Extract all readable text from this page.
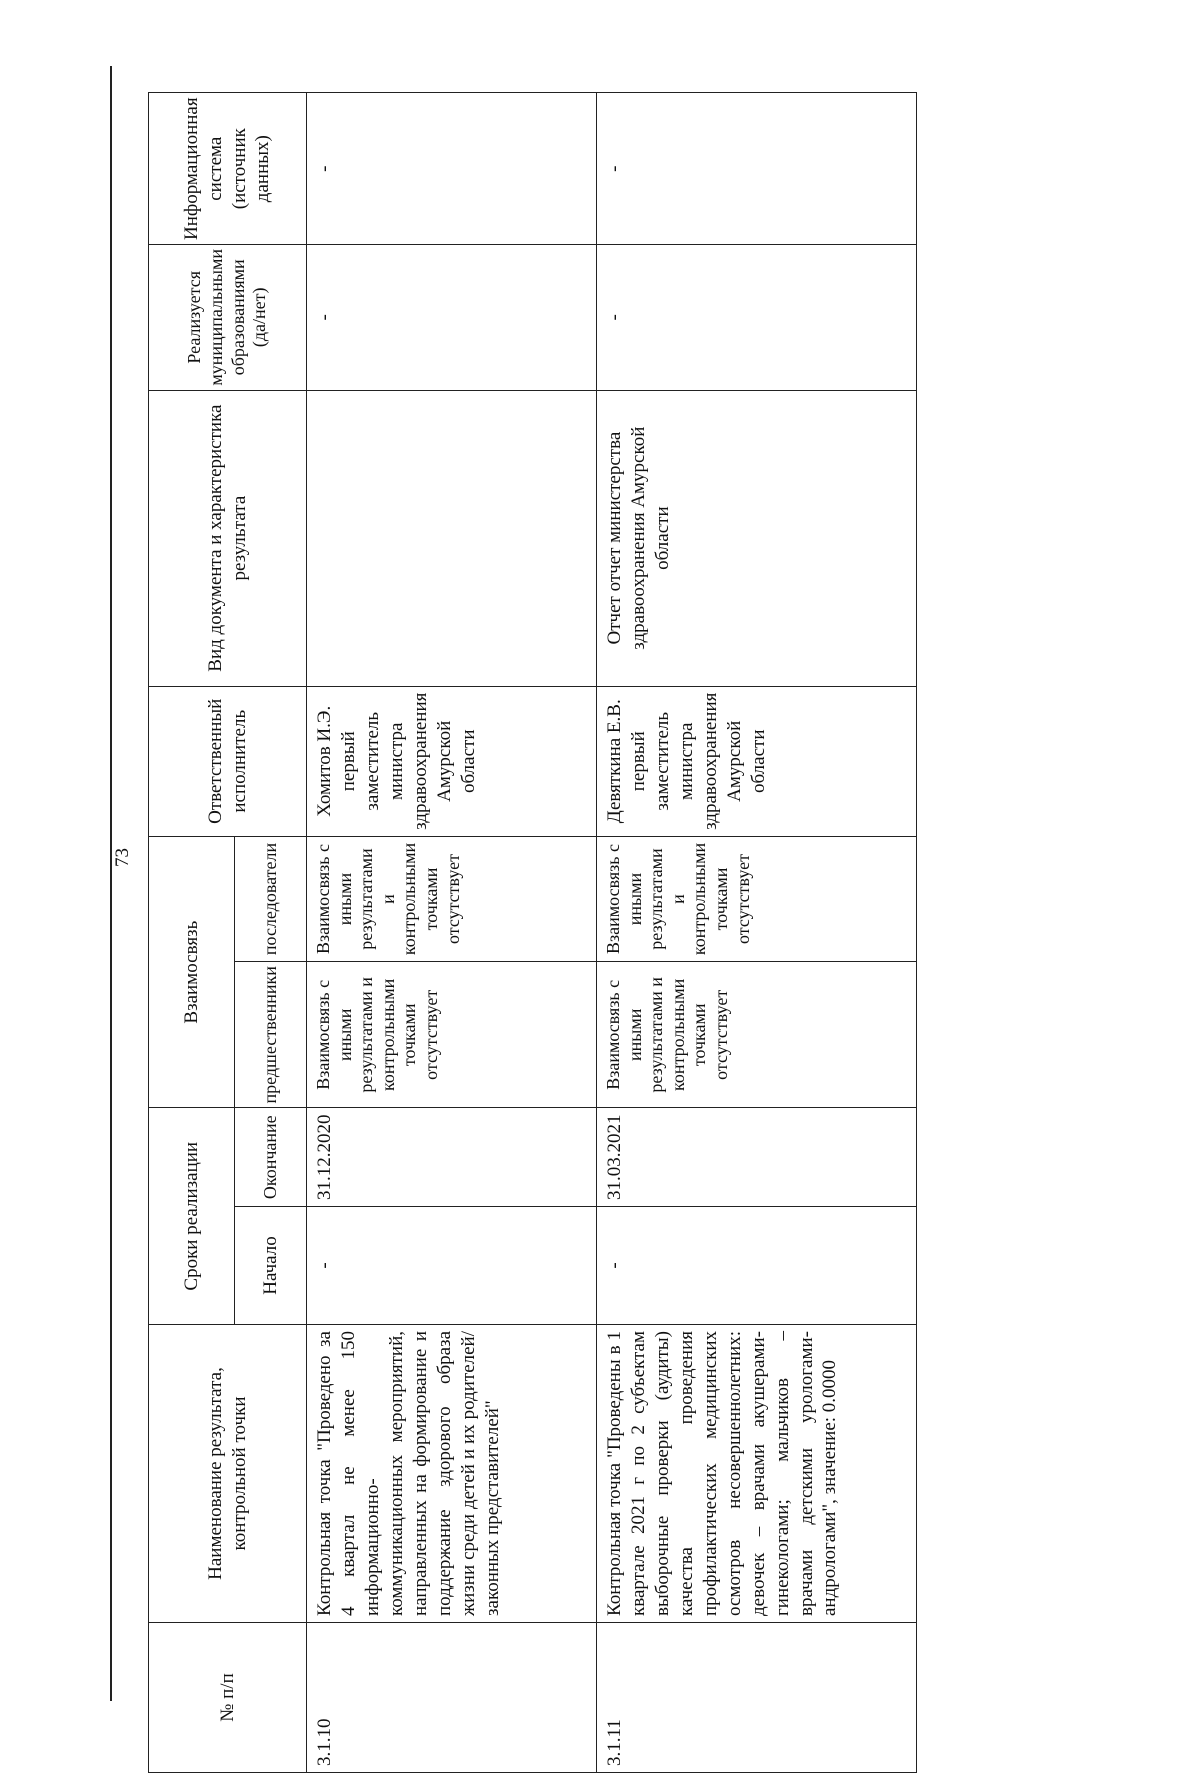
73
№ п/п	Наименование результата, контрольной точки	Сроки реализации		Взаимосвязь		Ответственный исполнитель	Вид документа и характеристика результата	Реализуется муниципальными образованиями (да/нет)	Информационная система (источник данных)
		Начало	Окончание	предшественники	последователи				
3.1.10	Контрольная точка "Проведено за 4 квартал не менее 150 информационно-коммуникационных мероприятий, направленных на формирование и поддержание здорового образа жизни среди детей и их родителей/законных представителей"	-	31.12.2020	Взаимосвязь с иными результатами и контрольными точками отсутствует	Взаимосвязь с иными результатами и контрольными точками отсутствует	Хомитов И.Э. первый заместитель министра здравоохранения Амурской области		-	-
3.1.11	Контрольная точка "Проведены в 1 квартале 2021 г по 2 субъектам выборочные проверки (аудиты) качества проведения профилактических медицинских осмотров несовершеннолетних: девочек – врачами акушерами-гинекологами; мальчиков – врачами детскими урологами-андрологами", значение: 0.0000	-	31.03.2021	Взаимосвязь с иными результатами и контрольными точками отсутствует	Взаимосвязь с иными результатами и контрольными точками отсутствует	Девяткина Е.В. первый заместитель министра здравоохранения Амурской области	Отчет отчет министерства здравоохранения Амурской области	-	-
